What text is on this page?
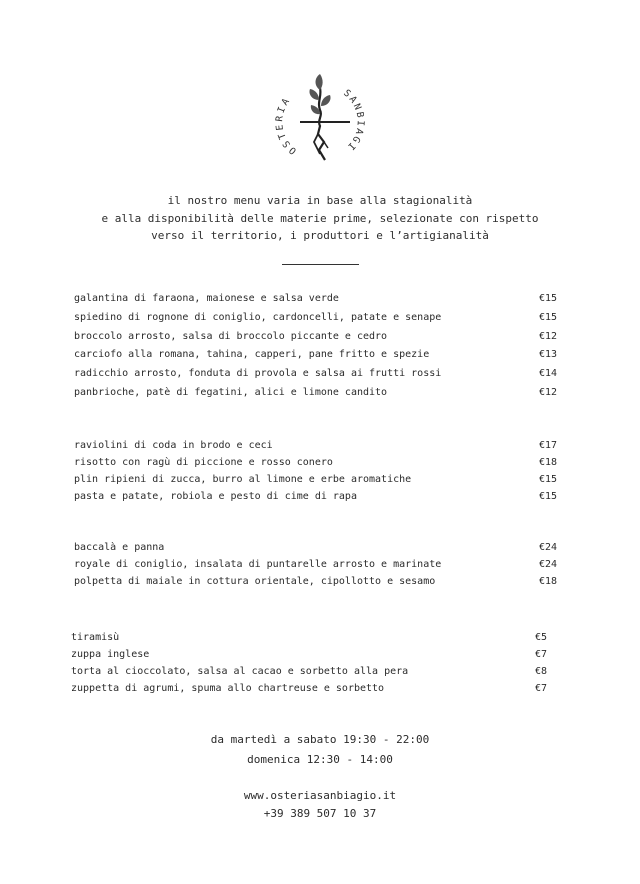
OSTERIA	SANBIAGI
il nostro menu varia in base alla stagionalità
e alla disponibilità delle materie prime, selezionate con rispetto
verso il territorio, i produttori e l’artigianalità
galantina di faraona, maionese e salsa verde	€15
spiedino di rognone di coniglio, cardoncelli, patate e senape	€15
broccolo arrosto, salsa di broccolo piccante e cedro	€12
carciofo alla romana, tahina, capperi, pane fritto e spezie	€13
radicchio arrosto, fonduta di provola e salsa ai frutti rossi	€14
panbrioche, patè di fegatini, alici e limone candito	€12
raviolini di coda in brodo e ceci	€17
risotto con ragù di piccione e rosso conero	€18
plin ripieni di zucca, burro al limone e erbe aromatiche	€15
pasta e patate, robiola e pesto di cime di rapa	€15
baccalà e panna	€24
royale di coniglio, insalata di puntarelle arrosto e marinate	€24
polpetta di maiale in cottura orientale, cipollotto e sesamo	€18
tiramisù	€5
zuppa inglese	€7
torta al cioccolato, salsa al cacao e sorbetto alla pera	€8
zuppetta di agrumi, spuma allo chartreuse e sorbetto	€7
da martedì a sabato 19:30 - 22:00
domenica 12:30 - 14:00
www.osteriasanbiagio.it
+39 389 507 10 37
